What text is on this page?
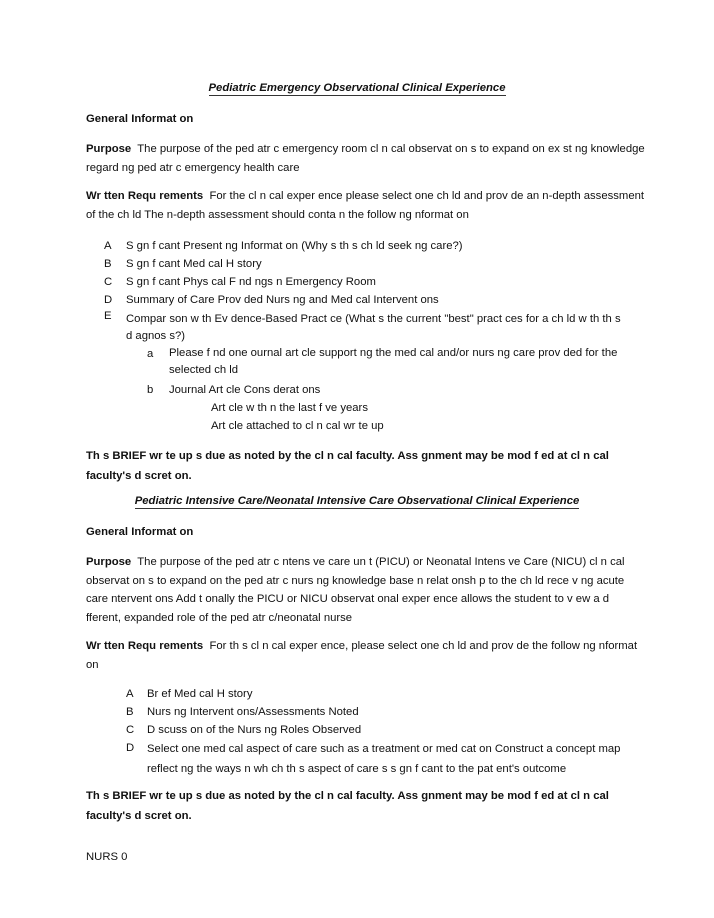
Pediatric Emergency Observational Clinical Experience
General Informat on
Purpose The purpose of the ped atr c emergency room cl n cal observat on s to expand on ex st ng knowledge regard ng ped atr c emergency health care
Wr tten Requ rements For the cl n cal exper ence please select one ch ld and prov de an n-depth assessment of the ch ld The n-depth assessment should conta n the follow ng nformat on
A S gn f cant Present ng Informat on (Why s th s ch ld seek ng care?)
B S gn f cant Med cal H story
C S gn f cant Phys cal F nd ngs n Emergency Room
D Summary of Care Prov ded Nurs ng and Med cal Intervent ons
E Compar son w th Ev dence-Based Pract ce (What s the current "best" pract ces for a ch ld w th th s d agnos s?)
a Please f nd one ournal art cle support ng the med cal and/or nurs ng care prov ded for the selected ch ld
b Journal Art cle Cons derat ons
Art cle w th n the last f ve years
Art cle attached to cl n cal wr te up
Th s BRIEF wr te up s due as noted by the cl n cal faculty. Ass gnment may be mod f ed at cl n cal faculty's d scret on.
Pediatric Intensive Care/Neonatal Intensive Care Observational Clinical Experience
General Informat on
Purpose The purpose of the ped atr c ntens ve care un t (PICU) or Neonatal Intens ve Care (NICU) cl n cal observat on s to expand on the ped atr c nurs ng knowledge base n relat onsh p to the ch ld rece v ng acute care ntervent ons Add t onally the PICU or NICU observat onal exper ence allows the student to v ew a d fferent, expanded role of the ped atr c/neonatal nurse
Wr tten Requ rements For th s cl n cal exper ence, please select one ch ld and prov de the follow ng nformat on
A Br ef Med cal H story
B Nurs ng Intervent ons/Assessments Noted
C D scuss on of the Nurs ng Roles Observed
D Select one med cal aspect of care such as a treatment or med cat on Construct a concept map reflect ng the ways n wh ch th s aspect of care s s gn f cant to the pat ent's outcome
Th s BRIEF wr te up s due as noted by the cl n cal faculty. Ass gnment may be mod f ed at cl n cal faculty's d scret on.
NURS 0
